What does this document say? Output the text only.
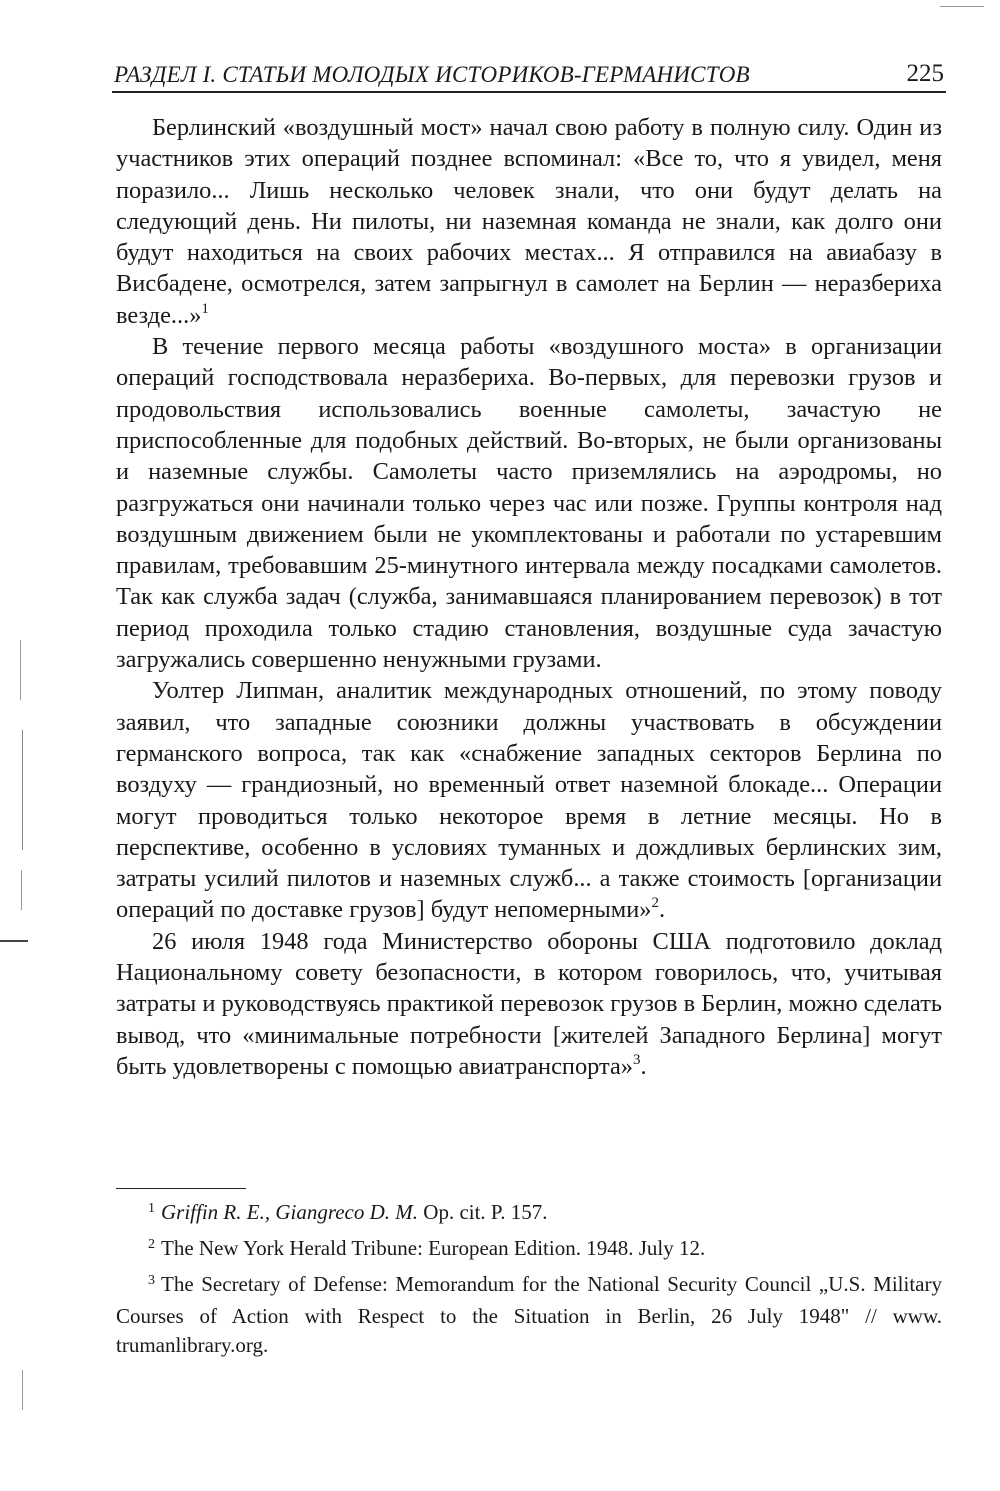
РАЗДЕЛ I. СТАТЬИ МОЛОДЫХ ИСТОРИКОВ-ГЕРМАНИСТОВ	225

Берлинский «воздушный мост» начал свою работу в полную силу. Один из участников этих операций позднее вспоминал: «Все то, что я увидел, меня поразило... Лишь несколько человек знали, что они будут делать на следующий день. Ни пилоты, ни наземная команда не знали, как долго они будут находиться на своих рабочих местах... Я отправился на авиабазу в Висбадене, осмотрелся, затем запрыгнул в самолет на Берлин — неразбериха везде...»$^1$

В течение первого месяца работы «воздушного моста» в организации операций господствовала неразбериха. Во-первых, для перевозки грузов и продовольствия использовались военные самолеты, зачастую не приспособленные для подобных действий. Во-вторых, не были организованы и наземные службы. Самолеты часто приземлялись на аэродромы, но разгружаться они начинали только через час или позже. Группы контроля над воздушным движением были не укомплектованы и работали по устаревшим правилам, требовавшим 25-минутного интервала между посадками самолетов. Так как служба задач (служба, занимавшаяся планированием перевозок) в тот период проходила только стадию становления, воздушные суда зачастую загружались совершенно ненужными грузами.

Уолтер Липман, аналитик международных отношений, по этому поводу заявил, что западные союзники должны участвовать в обсуждении германского вопроса, так как «снабжение западных секторов Берлина по воздуху — грандиозный, но временный ответ наземной блокаде... Операции могут проводиться только некоторое время в летние месяцы. Но в перспективе, особенно в условиях туманных и дождливых берлинских зим, затраты усилий пилотов и наземных служб... а также стоимость [организации операций по доставке грузов] будут непомерными»$^2$.

26 июля 1948 года Министерство обороны США подготовило доклад Национальному совету безопасности, в котором говорилось, что, учитывая затраты и руководствуясь практикой перевозок грузов в Берлин, можно сделать вывод, что «минимальные потребности [жителей Западного Берлина] могут быть удовлетворены с помощью авиатранспорта»$^3$.

$^1$ Griffin R. E., Giangreco D. M. Op. cit. P. 157.

$^2$ The New York Herald Tribune: European Edition. 1948. July 12.

$^3$ The Secretary of Defense: Memorandum for the National Security Council „U.S. Military Courses of Action with Respect to the Situation in Berlin, 26 July 1948" // www. trumanlibrary.org.
